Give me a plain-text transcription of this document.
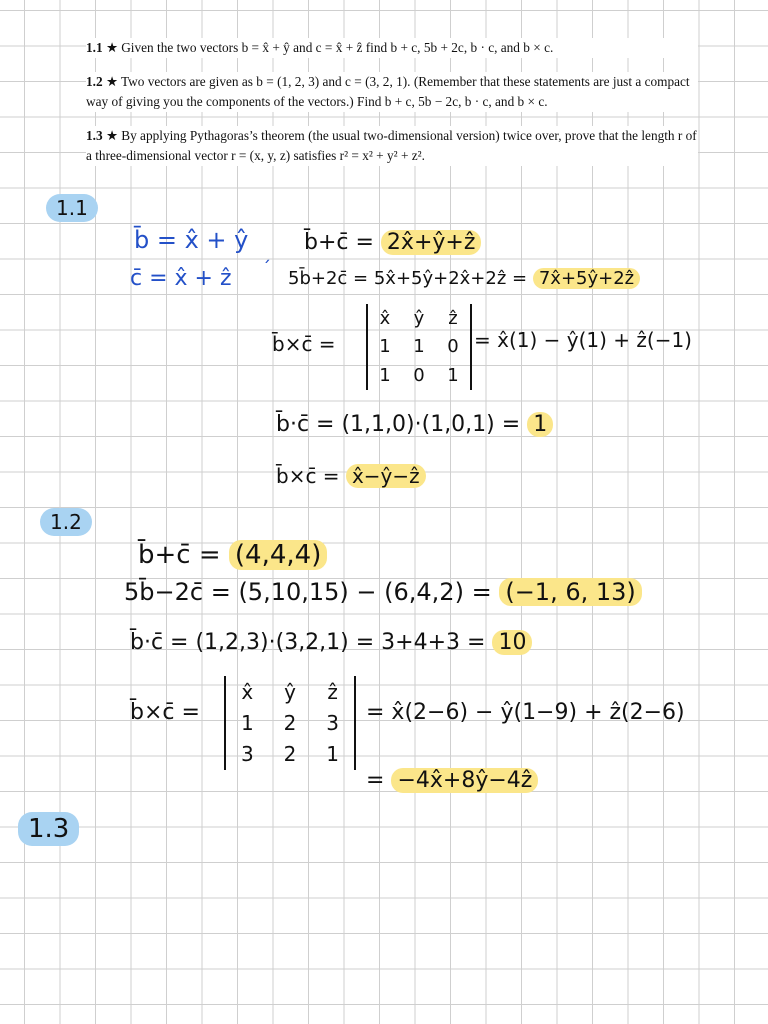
1.1 ★ Given the two vectors b = x̂ + ŷ and c = x̂ + ẑ find b + c, 5b + 2c, b · c, and b × c.

1.2 ★ Two vectors are given as b = (1, 2, 3) and c = (3, 2, 1). (Remember that these statements are just a compact way of giving you the components of the vectors.) Find b + c, 5b − 2c, b · c, and b × c.

1.3 ★ By applying Pythagoras’s theorem (the usual two-dimensional version) twice over, prove that the length r of a three-dimensional vector r = (x, y, z) satisfies r² = x² + y² + z².

1.1
b̄ = x̂ + ŷ
c̄ = x̂ + ẑ ˊ
b̄+c̄ = 2x̂+ŷ+ẑ
5b̄+2c̄ = 5x̂+5ŷ+2x̂+2ẑ = 7x̂+5ŷ+2ẑ
b̄×c̄ =
x̂	ŷ	ẑ
1	1	0
1	0	1
= x̂(1) − ŷ(1) + ẑ(−1)
b̄·c̄ = (1,1,0)·(1,0,1) = 1
b̄×c̄ = x̂−ŷ−ẑ
1.2
b̄+c̄ = (4,4,4)
5b̄−2c̄ = (5,10,15) − (6,4,2) = (−1, 6, 13)
b̄·c̄ = (1,2,3)·(3,2,1) = 3+4+3 = 10
b̄×c̄ =
x̂	ŷ	ẑ
1	2	3
3	2	1
= x̂(2−6) − ŷ(1−9) + ẑ(2−6)
= −4x̂+8ŷ−4ẑ
1.3
